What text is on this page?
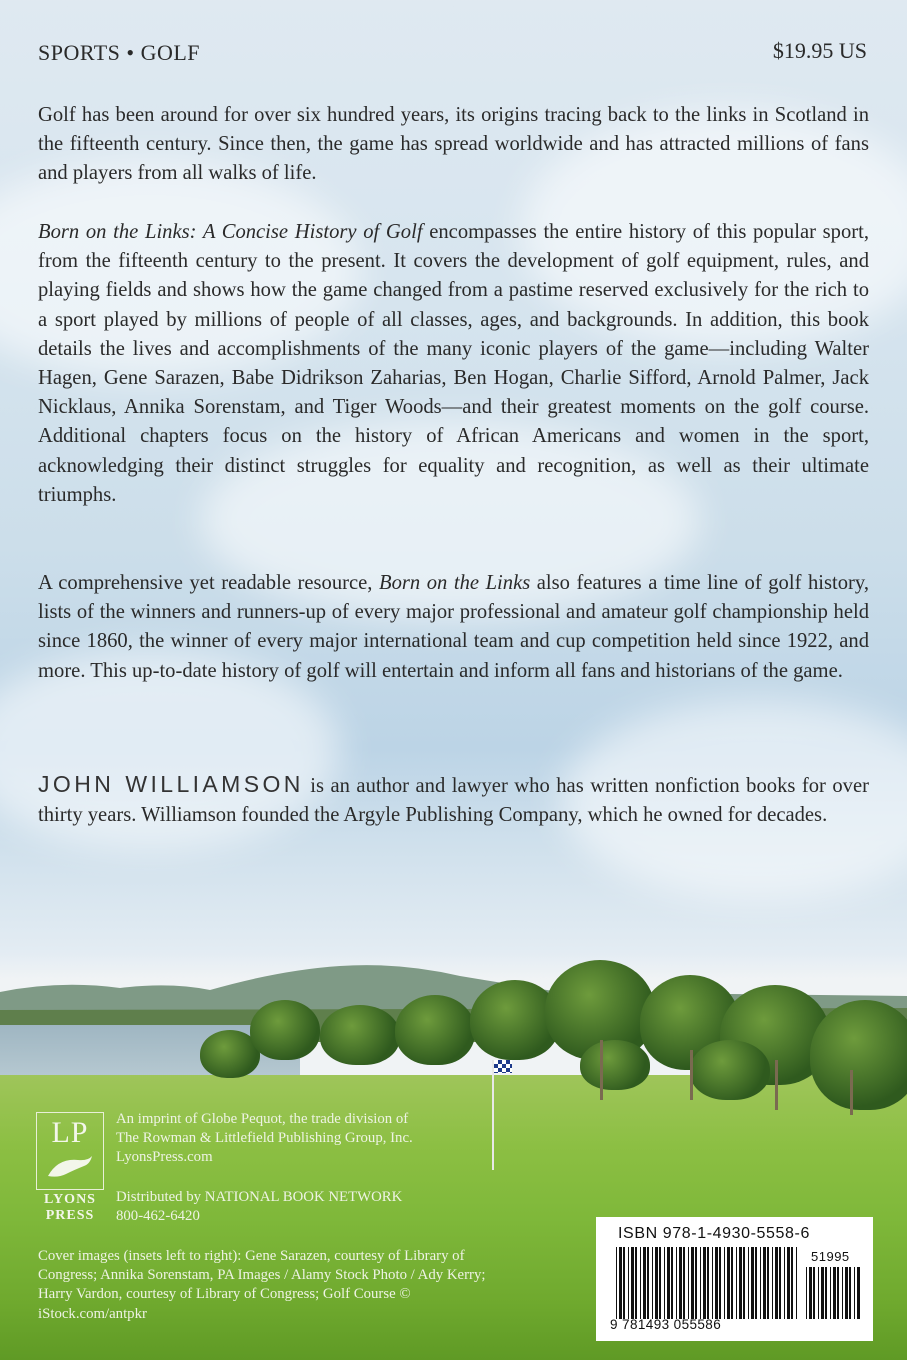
SPORTS • GOLF	$19.95 US
Golf has been around for over six hundred years, its origins tracing back to the links in Scotland in the fifteenth century. Since then, the game has spread worldwide and has attracted millions of fans and players from all walks of life.
Born on the Links: A Concise History of Golf encompasses the entire history of this popular sport, from the fifteenth century to the present. It covers the development of golf equipment, rules, and playing fields and shows how the game changed from a pastime reserved exclusively for the rich to a sport played by millions of people of all classes, ages, and backgrounds. In addition, this book details the lives and accomplishments of the many iconic players of the game—including Walter Hagen, Gene Sarazen, Babe Didrikson Zaharias, Ben Hogan, Charlie Sifford, Arnold Palmer, Jack Nicklaus, Annika Sorenstam, and Tiger Woods—and their greatest moments on the golf course. Additional chapters focus on the history of African Americans and women in the sport, acknowledging their distinct struggles for equality and recognition, as well as their ultimate triumphs.
A comprehensive yet readable resource, Born on the Links also features a time line of golf history, lists of the winners and runners-up of every major professional and amateur golf championship held since 1860, the winner of every major international team and cup competition held since 1922, and more. This up-to-date history of golf will entertain and inform all fans and historians of the game.
JOHN WILLIAMSON is an author and lawyer who has written nonfiction books for over thirty years. Williamson founded the Argyle Publishing Company, which he owned for decades.
LP
LYONS
PRESS
An imprint of Globe Pequot, the trade division of
The Rowman & Littlefield Publishing Group, Inc.
LyonsPress.com
Distributed by NATIONAL BOOK NETWORK
800-462-6420
Cover images (insets left to right): Gene Sarazen, courtesy of Library of Congress; Annika Sorenstam, PA Images / Alamy Stock Photo / Ady Kerry; Harry Vardon, courtesy of Library of Congress; Golf Course © iStock.com/antpkr
ISBN 978-1-4930-5558-6
51995
9 781493 055586
